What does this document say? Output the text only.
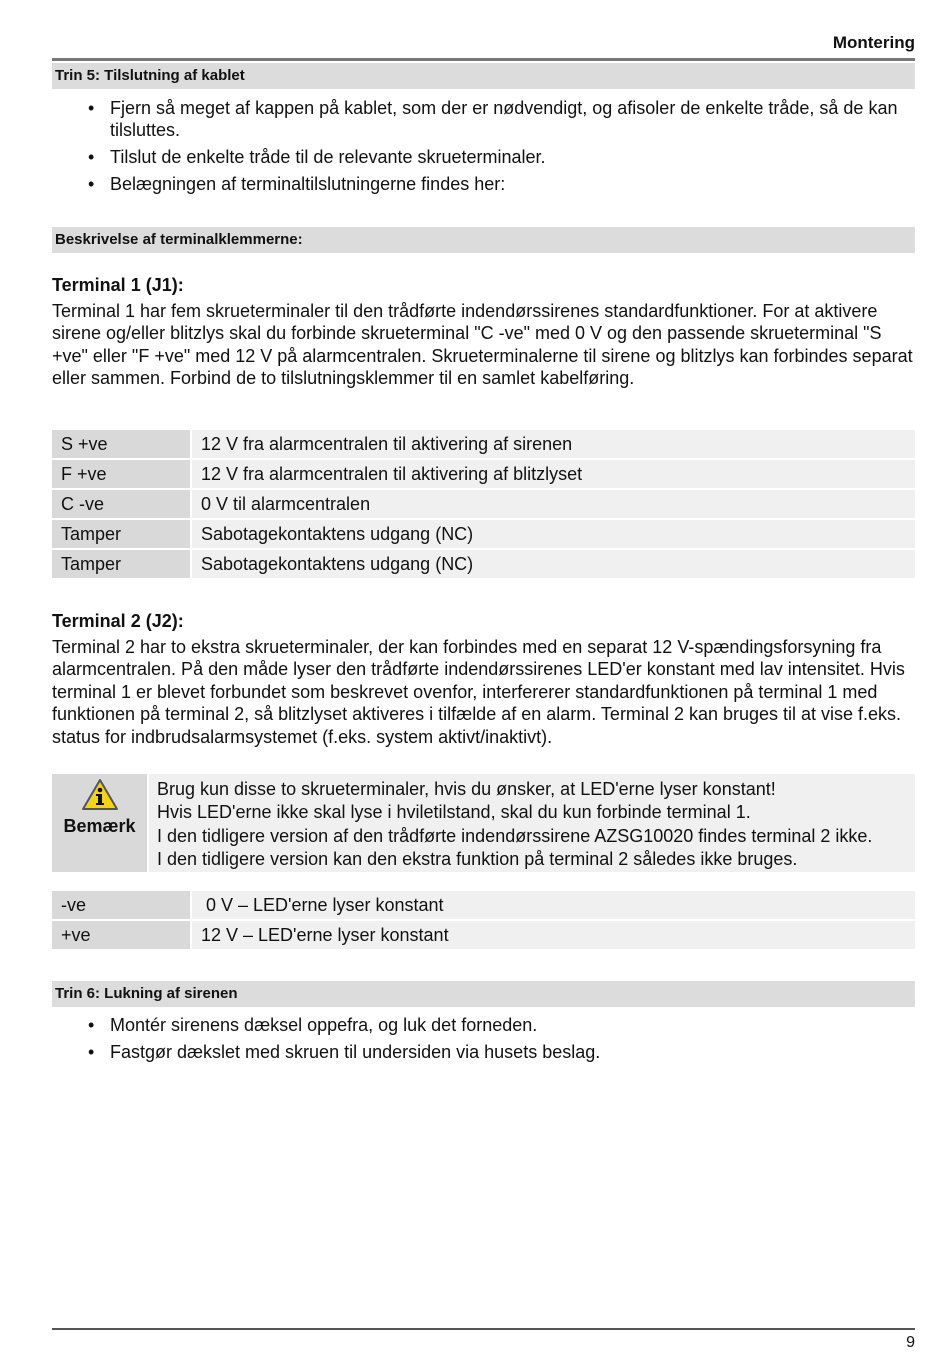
Montering
Trin 5: Tilslutning af kablet
• Fjern så meget af kappen på kablet, som der er nødvendigt, og afisoler de enkelte tråde, så de kan tilsluttes.
• Tilslut de enkelte tråde til de relevante skrueterminaler.
• Belægningen af terminaltilslutningerne findes her:
Beskrivelse af terminalklemmerne:
Terminal 1 (J1):
Terminal 1 har fem skrueterminaler til den trådførte indendørssirenes standardfunktioner. For at aktivere sirene og/eller blitzlys skal du forbinde skrueterminal "C -ve" med 0 V og den passende skrueterminal "S +ve" eller "F +ve" med 12 V på alarmcentralen. Skrueterminalerne til sirene og blitzlys kan forbindes separat eller sammen. Forbind de to tilslutningsklemmer til en samlet kabelføring.
S +ve	12 V fra alarmcentralen til aktivering af sirenen
F +ve	12 V fra alarmcentralen til aktivering af blitzlyset
C -ve	0 V til alarmcentralen
Tamper	Sabotagekontaktens udgang (NC)
Tamper	Sabotagekontaktens udgang (NC)
Terminal 2 (J2):
Terminal 2 har to ekstra skrueterminaler, der kan forbindes med en separat 12 V-spændingsforsyning fra alarmcentralen. På den måde lyser den trådførte indendørssirenes LED'er konstant med lav intensitet. Hvis terminal 1 er blevet forbundet som beskrevet ovenfor, interfererer standardfunktionen på terminal 1 med funktionen på terminal 2, så blitzlyset aktiveres i tilfælde af en alarm. Terminal 2 kan bruges til at vise f.eks. status for indbrudsalarmsystemet (f.eks. system aktivt/inaktivt).
Bemærk
Brug kun disse to skrueterminaler, hvis du ønsker, at LED'erne lyser konstant!
Hvis LED'erne ikke skal lyse i hviletilstand, skal du kun forbinde terminal 1.
I den tidligere version af den trådførte indendørssirene AZSG10020 findes terminal 2 ikke.
I den tidligere version kan den ekstra funktion på terminal 2 således ikke bruges.
-ve	0 V – LED'erne lyser konstant
+ve	12 V – LED'erne lyser konstant
Trin 6: Lukning af sirenen
• Montér sirenens dæksel oppefra, og luk det forneden.
• Fastgør dækslet med skruen til undersiden via husets beslag.
9
